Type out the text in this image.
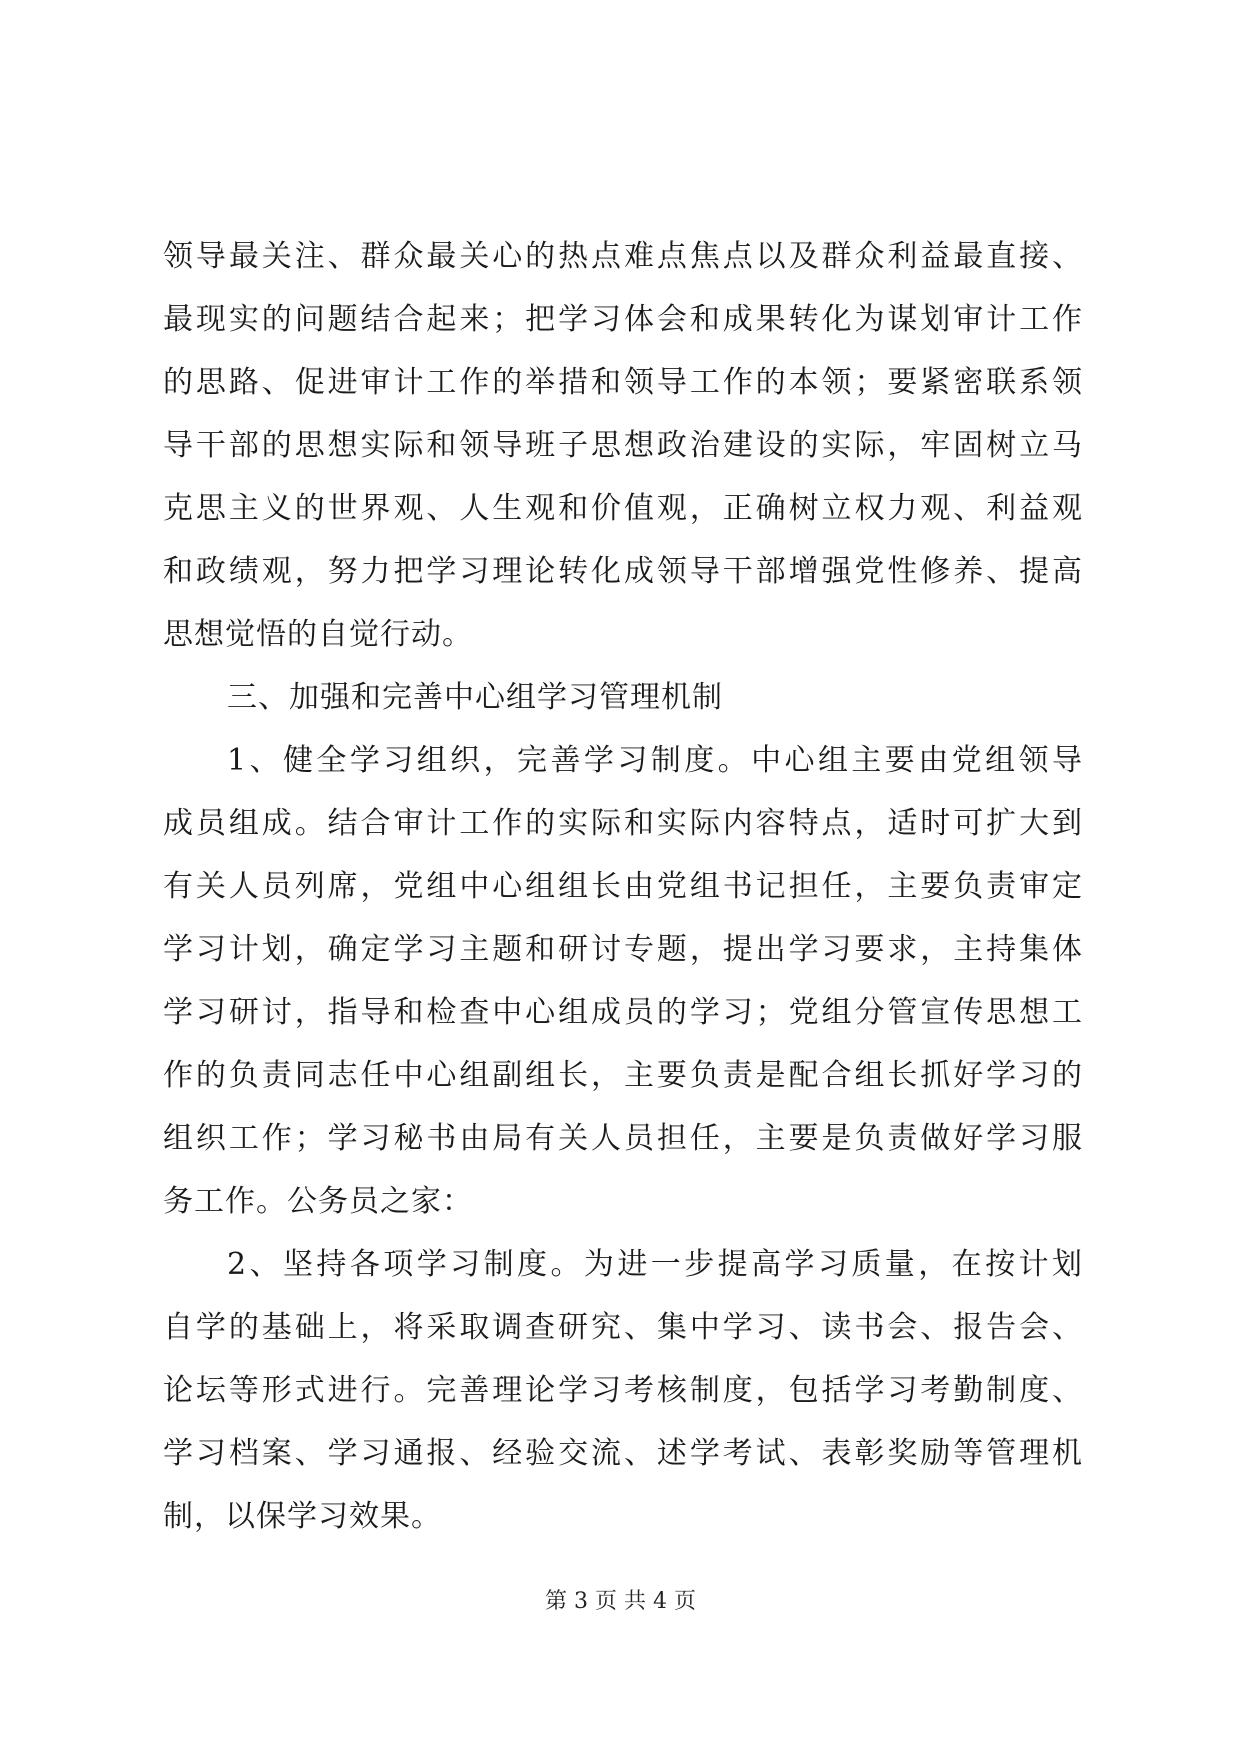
领导最关注、群众最关心的热点难点焦点以及群众利益最直接、
最现实的问题结合起来；把学习体会和成果转化为谋划审计工作
的思路、促进审计工作的举措和领导工作的本领；要紧密联系领
导干部的思想实际和领导班子思想政治建设的实际，牢固树立马
克思主义的世界观、人生观和价值观，正确树立权力观、利益观
和政绩观，努力把学习理论转化成领导干部增强党性修养、提高
思想觉悟的自觉行动。
三、加强和完善中心组学习管理机制
1、健全学习组织，完善学习制度。中心组主要由党组领导
成员组成。结合审计工作的实际和实际内容特点，适时可扩大到
有关人员列席，党组中心组组长由党组书记担任，主要负责审定
学习计划，确定学习主题和研讨专题，提出学习要求，主持集体
学习研讨，指导和检查中心组成员的学习；党组分管宣传思想工
作的负责同志任中心组副组长，主要负责是配合组长抓好学习的
组织工作；学习秘书由局有关人员担任，主要是负责做好学习服
务工作。公务员之家：
2、坚持各项学习制度。为进一步提高学习质量，在按计划
自学的基础上，将采取调查研究、集中学习、读书会、报告会、
论坛等形式进行。完善理论学习考核制度，包括学习考勤制度、
学习档案、学习通报、经验交流、述学考试、表彰奖励等管理机
制，以保学习效果。
第 3 页 共 4 页
